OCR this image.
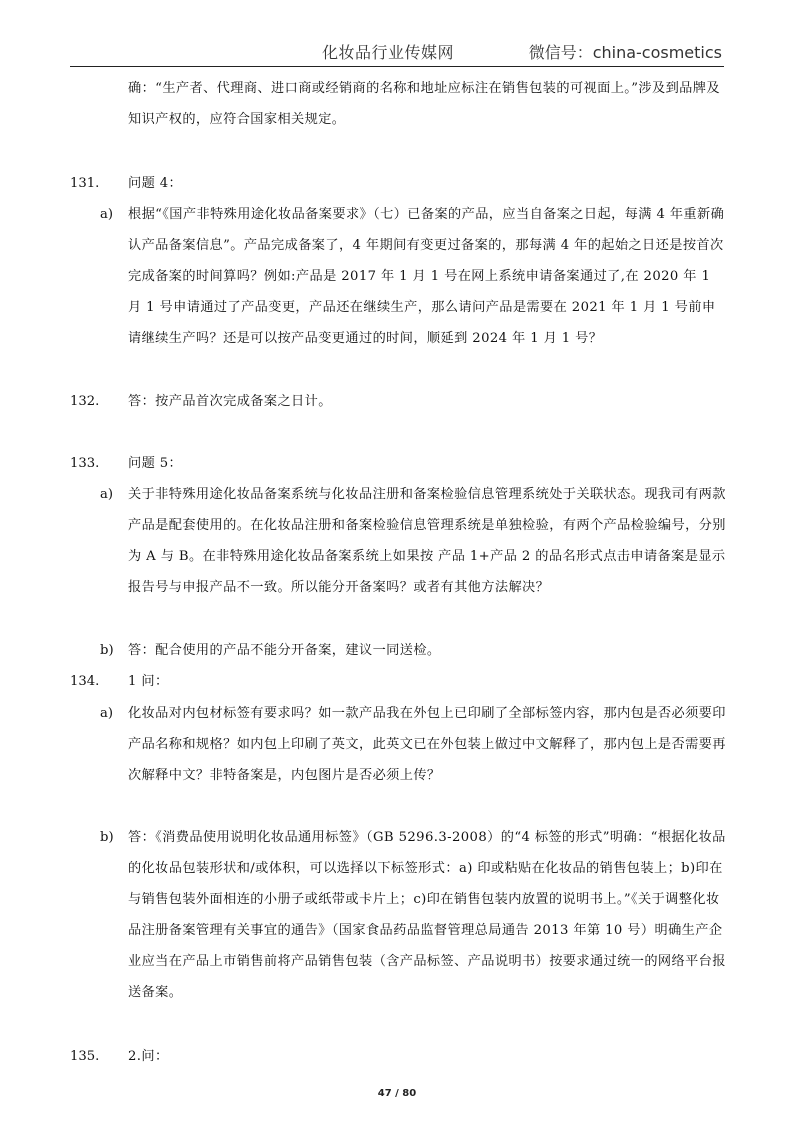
化妆品行业传媒网	微信号：china-cosmetics
确：“生产者、代理商、进口商或经销商的名称和地址应标注在销售包装的可视面上。”涉及到品牌及知识产权的，应符合国家相关规定。
131. 问题 4：
a) 根据“《国产非特殊用途化妆品备案要求》（七）已备案的产品，应当自备案之日起，每满 4 年重新确认产品备案信息”。产品完成备案了，4 年期间有变更过备案的，那每满 4 年的起始之日还是按首次完成备案的时间算吗？例如:产品是 2017 年 1 月 1 号在网上系统申请备案通过了,在 2020 年 1 月 1 号申请通过了产品变更，产品还在继续生产，那么请问产品是需要在 2021 年 1 月 1 号前申请继续生产吗？还是可以按产品变更通过的时间，顺延到 2024 年 1 月 1 号？
132. 答：按产品首次完成备案之日计。
133. 问题 5：
a) 关于非特殊用途化妆品备案系统与化妆品注册和备案检验信息管理系统处于关联状态。现我司有两款产品是配套使用的。在化妆品注册和备案检验信息管理系统是单独检验，有两个产品检验编号，分别为 A 与 B。在非特殊用途化妆品备案系统上如果按 产品 1+产品 2 的品名形式点击申请备案是显示报告号与申报产品不一致。所以能分开备案吗？或者有其他方法解决？
b) 答：配合使用的产品不能分开备案，建议一同送检。
134. 1 问：
a) 化妆品对内包材标签有要求吗？如一款产品我在外包上已印刷了全部标签内容，那内包是否必须要印产品名称和规格？如内包上印刷了英文，此英文已在外包装上做过中文解释了，那内包上是否需要再次解释中文？非特备案是，内包图片是否必须上传？
b) 答：《消费品使用说明化妆品通用标签》（GB 5296.3-2008）的“4 标签的形式”明确：“根据化妆品的化妆品包装形状和/或体积，可以选择以下标签形式：a) 印或粘贴在化妆品的销售包装上；b)印在与销售包装外面相连的小册子或纸带或卡片上；c)印在销售包装内放置的说明书上。”《关于调整化妆品注册备案管理有关事宜的通告》（国家食品药品监督管理总局通告 2013 年第 10 号）明确生产企业应当在产品上市销售前将产品销售包装（含产品标签、产品说明书）按要求通过统一的网络平台报送备案。
135. 2.问：
47 / 80
